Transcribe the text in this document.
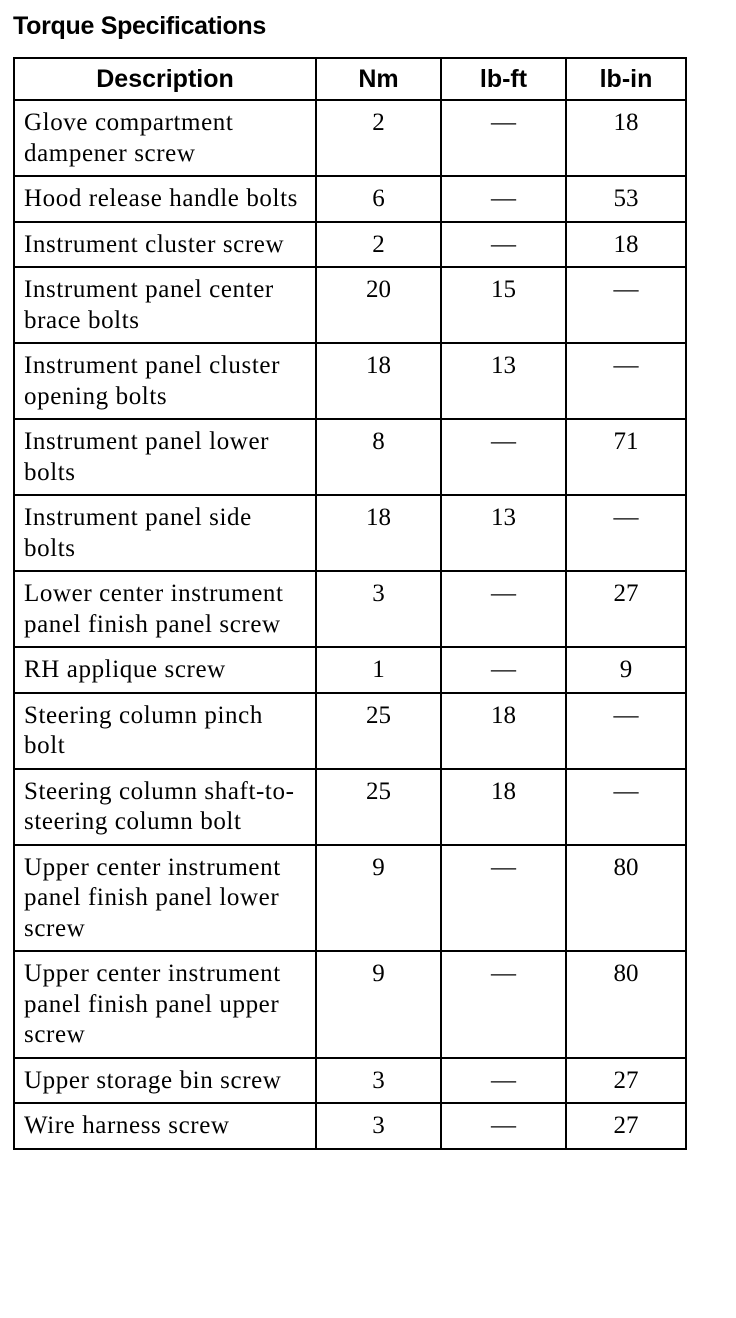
Torque Specifications
Description	Nm	lb-ft	lb-in
Glove compartment dampener screw	2	—	18
Hood release handle bolts	6	—	53
Instrument cluster screw	2	—	18
Instrument panel center brace bolts	20	15	—
Instrument panel cluster opening bolts	18	13	—
Instrument panel lower bolts	8	—	71
Instrument panel side bolts	18	13	—
Lower center instrument panel finish panel screw	3	—	27
RH applique screw	1	—	9
Steering column pinch bolt	25	18	—
Steering column shaft-to-steering column bolt	25	18	—
Upper center instrument panel finish panel lower screw	9	—	80
Upper center instrument panel finish panel upper screw	9	—	80
Upper storage bin screw	3	—	27
Wire harness screw	3	—	27
